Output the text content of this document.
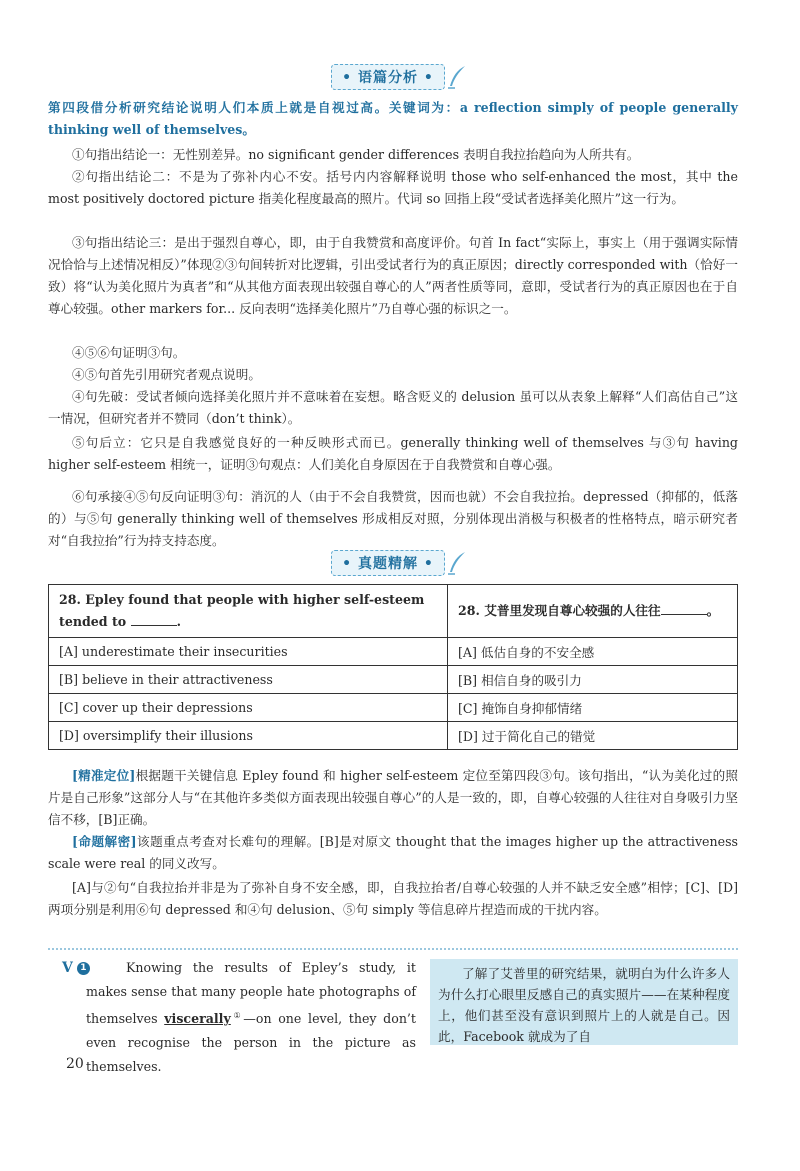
• 语篇分析 •
第四段借分析研究结论说明人们本质上就是自视过高。关键词为：a reflection simply of people generally thinking well of themselves。
①句指出结论一：无性别差异。no significant gender differences 表明自我拉抬趋向为人所共有。
②句指出结论二：不是为了弥补内心不安。括号内内容解释说明 those who self-enhanced the most，其中 the most positively doctored picture 指美化程度最高的照片。代词 so 回指上段“受试者选择美化照片”这一行为。
③句指出结论三：是出于强烈自尊心，即，由于自我赞赏和高度评价。句首 In fact“实际上，事实上（用于强调实际情况恰恰与上述情况相反）”体现②③句间转折对比逻辑，引出受试者行为的真正原因；directly corresponded with（恰好一致）将“认为美化照片为真者”和“从其他方面表现出较强自尊心的人”两者性质等同，意即，受试者行为的真正原因也在于自尊心较强。other markers for... 反向表明“选择美化照片”乃自尊心强的标识之一。
④⑤⑥句证明③句。
④⑤句首先引用研究者观点说明。
④句先破：受试者倾向选择美化照片并不意味着在妄想。略含贬义的 delusion 虽可以从表象上解释“人们高估自己”这一情况，但研究者并不赞同（don’t think）。
⑤句后立：它只是自我感觉良好的一种反映形式而已。generally thinking well of themselves 与③句 having higher self-esteem 相统一，证明③句观点：人们美化自身原因在于自我赞赏和自尊心强。
⑥句承接④⑤句反向证明③句：消沉的人（由于不会自我赞赏，因而也就）不会自我拉抬。depressed（抑郁的，低落的）与⑤句 generally thinking well of themselves 形成相反对照，分别体现出消极与积极者的性格特点，暗示研究者对“自我拉抬”行为持支持态度。
• 真题精解 •
28. Epley found that people with higher self-esteem tended to .	28. 艾普里发现自尊心较强的人往往 。
[A] underestimate their insecurities	[A] 低估自身的不安全感
[B] believe in their attractiveness	[B] 相信自身的吸引力
[C] cover up their depressions	[C] 掩饰自身抑郁情绪
[D] oversimplify their illusions	[D] 过于简化自己的错觉
[精准定位]根据题干关键信息 Epley found 和 higher self-esteem 定位至第四段③句。该句指出，“认为美化过的照片是自己形象”这部分人与“在其他许多类似方面表现出较强自尊心”的人是一致的，即，自尊心较强的人往往对自身吸引力坚信不移，[B]正确。
[命题解密]该题重点考查对长难句的理解。[B]是对原文 thought that the images higher up the attractiveness scale were real 的同义改写。
[A]与②句“自我拉抬并非是为了弥补自身不安全感，即，自我拉抬者/自尊心较强的人并不缺乏安全感”相悖；[C]、[D]两项分别是利用⑥句 depressed 和④句 delusion、⑤句 simply 等信息碎片捏造而成的干扰内容。
V 1	Knowing the results of Epley’s study, it makes sense that many people hate photographs of themselves viscerally①—on one level, they don’t even recognise the person in the picture as themselves.
了解了艾普里的研究结果，就明白为什么许多人为什么打心眼里反感自己的真实照片——在某种程度上，他们甚至没有意识到照片上的人就是自己。因此，Facebook 就成为了自
20
